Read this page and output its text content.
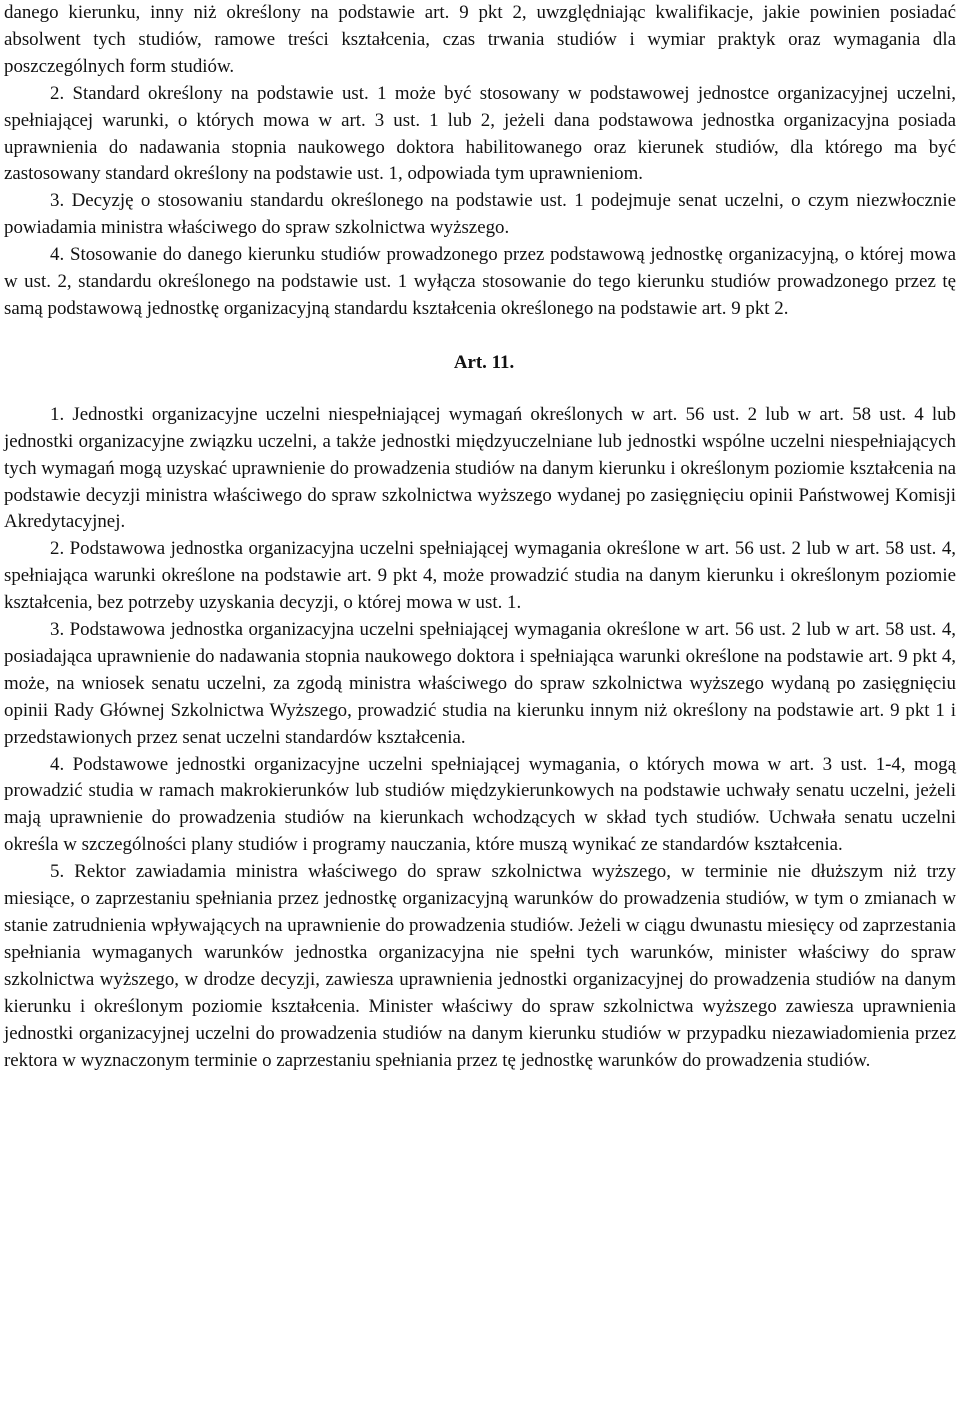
danego kierunku, inny niż określony na podstawie art. 9 pkt 2, uwzględniając kwalifikacje, jakie powinien posiadać absolwent tych studiów, ramowe treści kształcenia, czas trwania studiów i wymiar praktyk oraz wymagania dla poszczególnych form studiów.

2. Standard określony na podstawie ust. 1 może być stosowany w podstawowej jednostce organizacyjnej uczelni, spełniającej warunki, o których mowa w art. 3 ust. 1 lub 2, jeżeli dana podstawowa jednostka organizacyjna posiada uprawnienia do nadawania stopnia naukowego doktora habilitowanego oraz kierunek studiów, dla którego ma być zastosowany standard określony na podstawie ust. 1, odpowiada tym uprawnieniom.

3. Decyzję o stosowaniu standardu określonego na podstawie ust. 1 podejmuje senat uczelni, o czym niezwłocznie powiadamia ministra właściwego do spraw szkolnictwa wyższego.

4. Stosowanie do danego kierunku studiów prowadzonego przez podstawową jednostkę organizacyjną, o której mowa w ust. 2, standardu określonego na podstawie ust. 1 wyłącza stosowanie do tego kierunku studiów prowadzonego przez tę samą podstawową jednostkę organizacyjną standardu kształcenia określonego na podstawie art. 9 pkt 2.

Art. 11.

1. Jednostki organizacyjne uczelni niespełniającej wymagań określonych w art. 56 ust. 2 lub w art. 58 ust. 4 lub jednostki organizacyjne związku uczelni, a także jednostki międzyuczelniane lub jednostki wspólne uczelni niespełniających tych wymagań mogą uzyskać uprawnienie do prowadzenia studiów na danym kierunku i określonym poziomie kształcenia na podstawie decyzji ministra właściwego do spraw szkolnictwa wyższego wydanej po zasięgnięciu opinii Państwowej Komisji Akredytacyjnej.

2. Podstawowa jednostka organizacyjna uczelni spełniającej wymagania określone w art. 56 ust. 2 lub w art. 58 ust. 4, spełniająca warunki określone na podstawie art. 9 pkt 4, może prowadzić studia na danym kierunku i określonym poziomie kształcenia, bez potrzeby uzyskania decyzji, o której mowa w ust. 1.

3. Podstawowa jednostka organizacyjna uczelni spełniającej wymagania określone w art. 56 ust. 2 lub w art. 58 ust. 4, posiadająca uprawnienie do nadawania stopnia naukowego doktora i spełniająca warunki określone na podstawie art. 9 pkt 4, może, na wniosek senatu uczelni, za zgodą ministra właściwego do spraw szkolnictwa wyższego wydaną po zasięgnięciu opinii Rady Głównej Szkolnictwa Wyższego, prowadzić studia na kierunku innym niż określony na podstawie art. 9 pkt 1 i przedstawionych przez senat uczelni standardów kształcenia.

4. Podstawowe jednostki organizacyjne uczelni spełniającej wymagania, o których mowa w art. 3 ust. 1-4, mogą prowadzić studia w ramach makrokierunków lub studiów międzykierunkowych na podstawie uchwały senatu uczelni, jeżeli mają uprawnienie do prowadzenia studiów na kierunkach wchodzących w skład tych studiów. Uchwała senatu uczelni określa w szczególności plany studiów i programy nauczania, które muszą wynikać ze standardów kształcenia.

5. Rektor zawiadamia ministra właściwego do spraw szkolnictwa wyższego, w terminie nie dłuższym niż trzy miesiące, o zaprzestaniu spełniania przez jednostkę organizacyjną warunków do prowadzenia studiów, w tym o zmianach w stanie zatrudnienia wpływających na uprawnienie do prowadzenia studiów. Jeżeli w ciągu dwunastu miesięcy od zaprzestania spełniania wymaganych warunków jednostka organizacyjna nie spełni tych warunków, minister właściwy do spraw szkolnictwa wyższego, w drodze decyzji, zawiesza uprawnienia jednostki organizacyjnej do prowadzenia studiów na danym kierunku i określonym poziomie kształcenia. Minister właściwy do spraw szkolnictwa wyższego zawiesza uprawnienia jednostki organizacyjnej uczelni do prowadzenia studiów na danym kierunku studiów w przypadku niezawiadomienia przez rektora w wyznaczonym terminie o zaprzestaniu spełniania przez tę jednostkę warunków do prowadzenia studiów.
